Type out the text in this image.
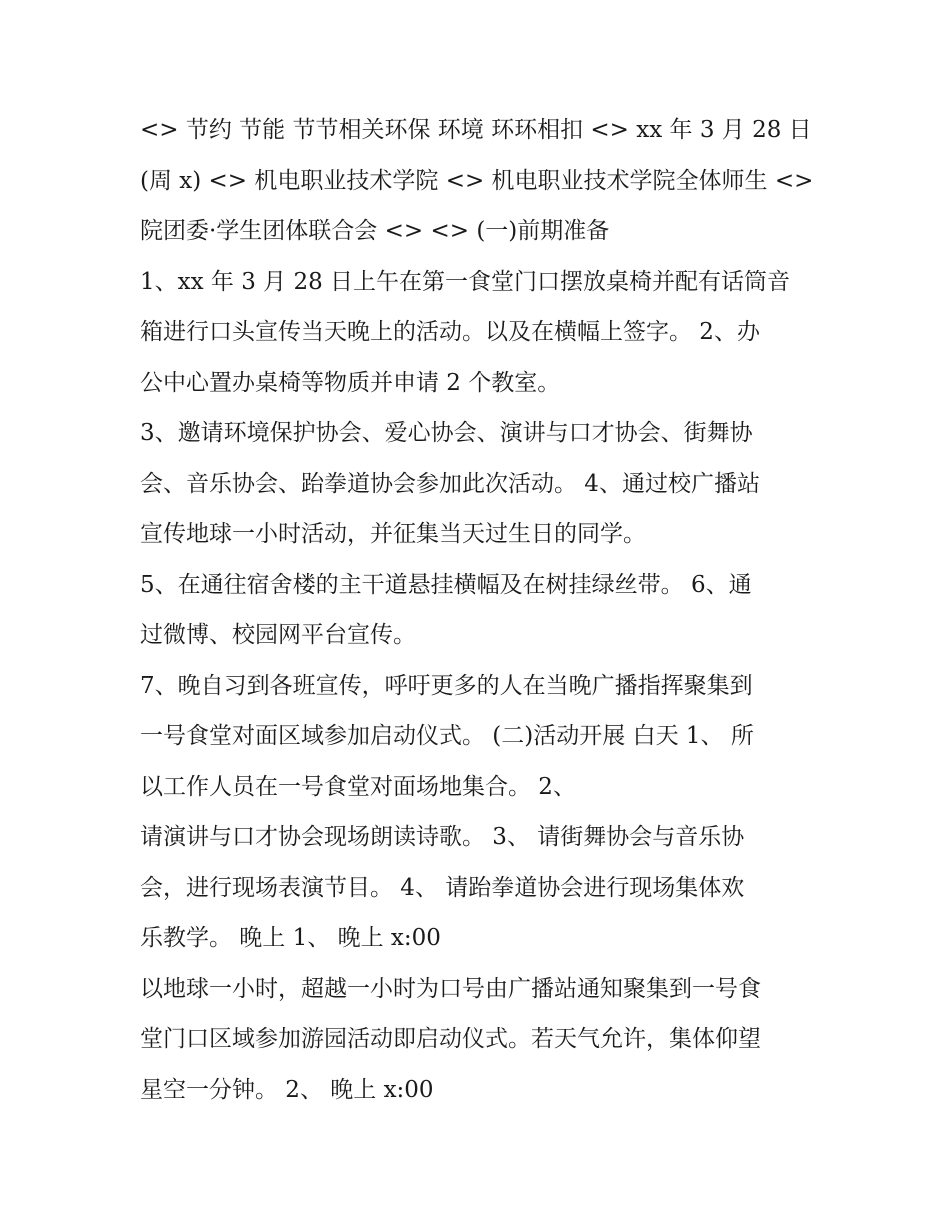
<> 节约 节能 节节相关环保 环境 环环相扣 <> xx 年 3 月 28 日
(周 x) <> 机电职业技术学院 <> 机电职业技术学院全体师生 <>
院团委·学生团体联合会 <> <> (一)前期准备
1、xx 年 3 月 28 日上午在第一食堂门口摆放桌椅并配有话筒音
箱进行口头宣传当天晚上的活动。以及在横幅上签字。 2、办
公中心置办桌椅等物质并申请 2 个教室。
3、邀请环境保护协会、爱心协会、演讲与口才协会、街舞协
会、音乐协会、跆拳道协会参加此次活动。 4、通过校广播站
宣传地球一小时活动，并征集当天过生日的同学。
5、在通往宿舍楼的主干道悬挂横幅及在树挂绿丝带。 6、通
过微博、校园网平台宣传。
7、晚自习到各班宣传，呼吁更多的人在当晚广播指挥聚集到
一号食堂对面区域参加启动仪式。 (二)活动开展 白天 1、 所
以工作人员在一号食堂对面场地集合。 2、
请演讲与口才协会现场朗读诗歌。 3、 请街舞协会与音乐协
会，进行现场表演节目。 4、 请跆拳道协会进行现场集体欢
乐教学。 晚上 1、 晚上 x:00
以地球一小时，超越一小时为口号由广播站通知聚集到一号食
堂门口区域参加游园活动即启动仪式。若天气允许，集体仰望
星空一分钟。 2、 晚上 x:00
